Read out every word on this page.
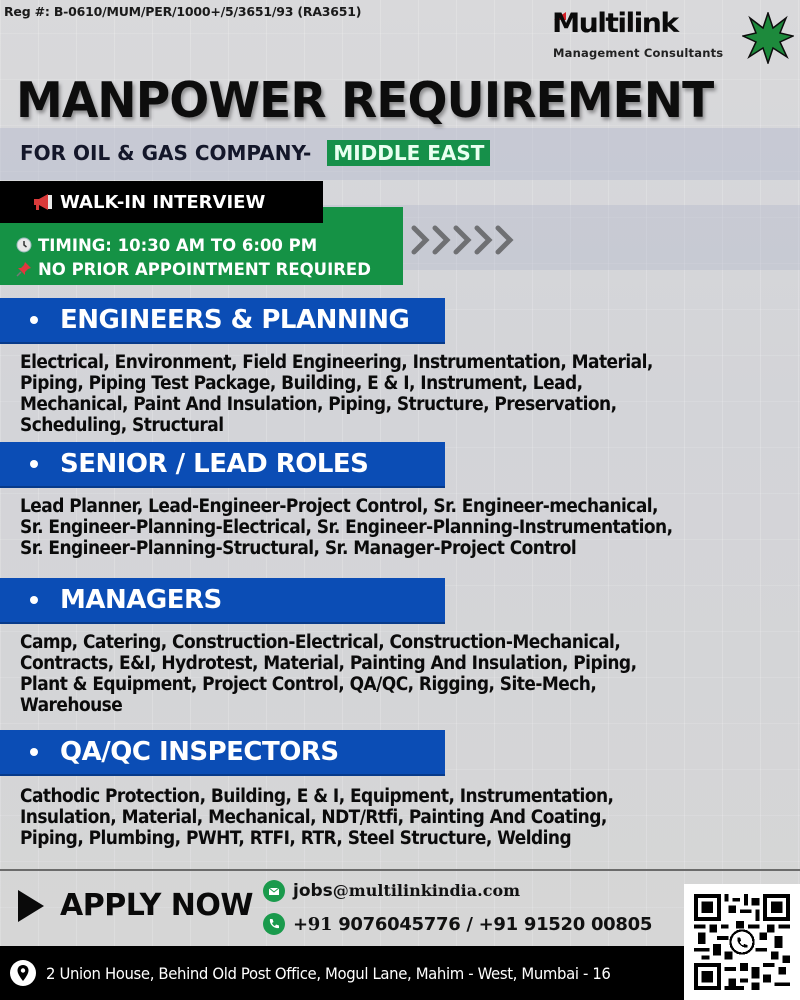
Reg #: B-0610/MUM/PER/1000+/5/3651/93 (RA3651)	Multilink
Management Consultants
MANPOWER REQUIREMENT
FOR OIL & GAS COMPANY-	MIDDLE EAST
TIMING: 10:30 AM TO 6:00 PM
NO PRIOR APPOINTMENT REQUIRED
WALK-IN INTERVIEW
ENGINEERS & PLANNING
Electrical, Environment, Field Engineering, Instrumentation, Material,
Piping, Piping Test Package, Building, E & I, Instrument, Lead,
Mechanical, Paint And Insulation, Piping, Structure, Preservation,
Scheduling, Structural
SENIOR / LEAD ROLES
Lead Planner, Lead-Engineer-Project Control, Sr. Engineer-mechanical,
Sr. Engineer-Planning-Electrical, Sr. Engineer-Planning-Instrumentation,
Sr. Engineer-Planning-Structural, Sr. Manager-Project Control
MANAGERS
Camp, Catering, Construction-Electrical, Construction-Mechanical,
Contracts, E&I, Hydrotest, Material, Painting And Insulation, Piping,
Plant & Equipment, Project Control, QA/QC, Rigging, Site-Mech,
Warehouse
QA/QC INSPECTORS
Cathodic Protection, Building, E & I, Equipment, Instrumentation,
Insulation, Material, Mechanical, NDT/Rtfi, Painting And Coating,
Piping, Plumbing, PWHT, RTFI, RTR, Steel Structure, Welding
APPLY NOW jobs@multilinkindia.com
+91 9076045776 / +91 91520 00805
2 Union House, Behind Old Post Office, Mogul Lane, Mahim - West, Mumbai - 16
